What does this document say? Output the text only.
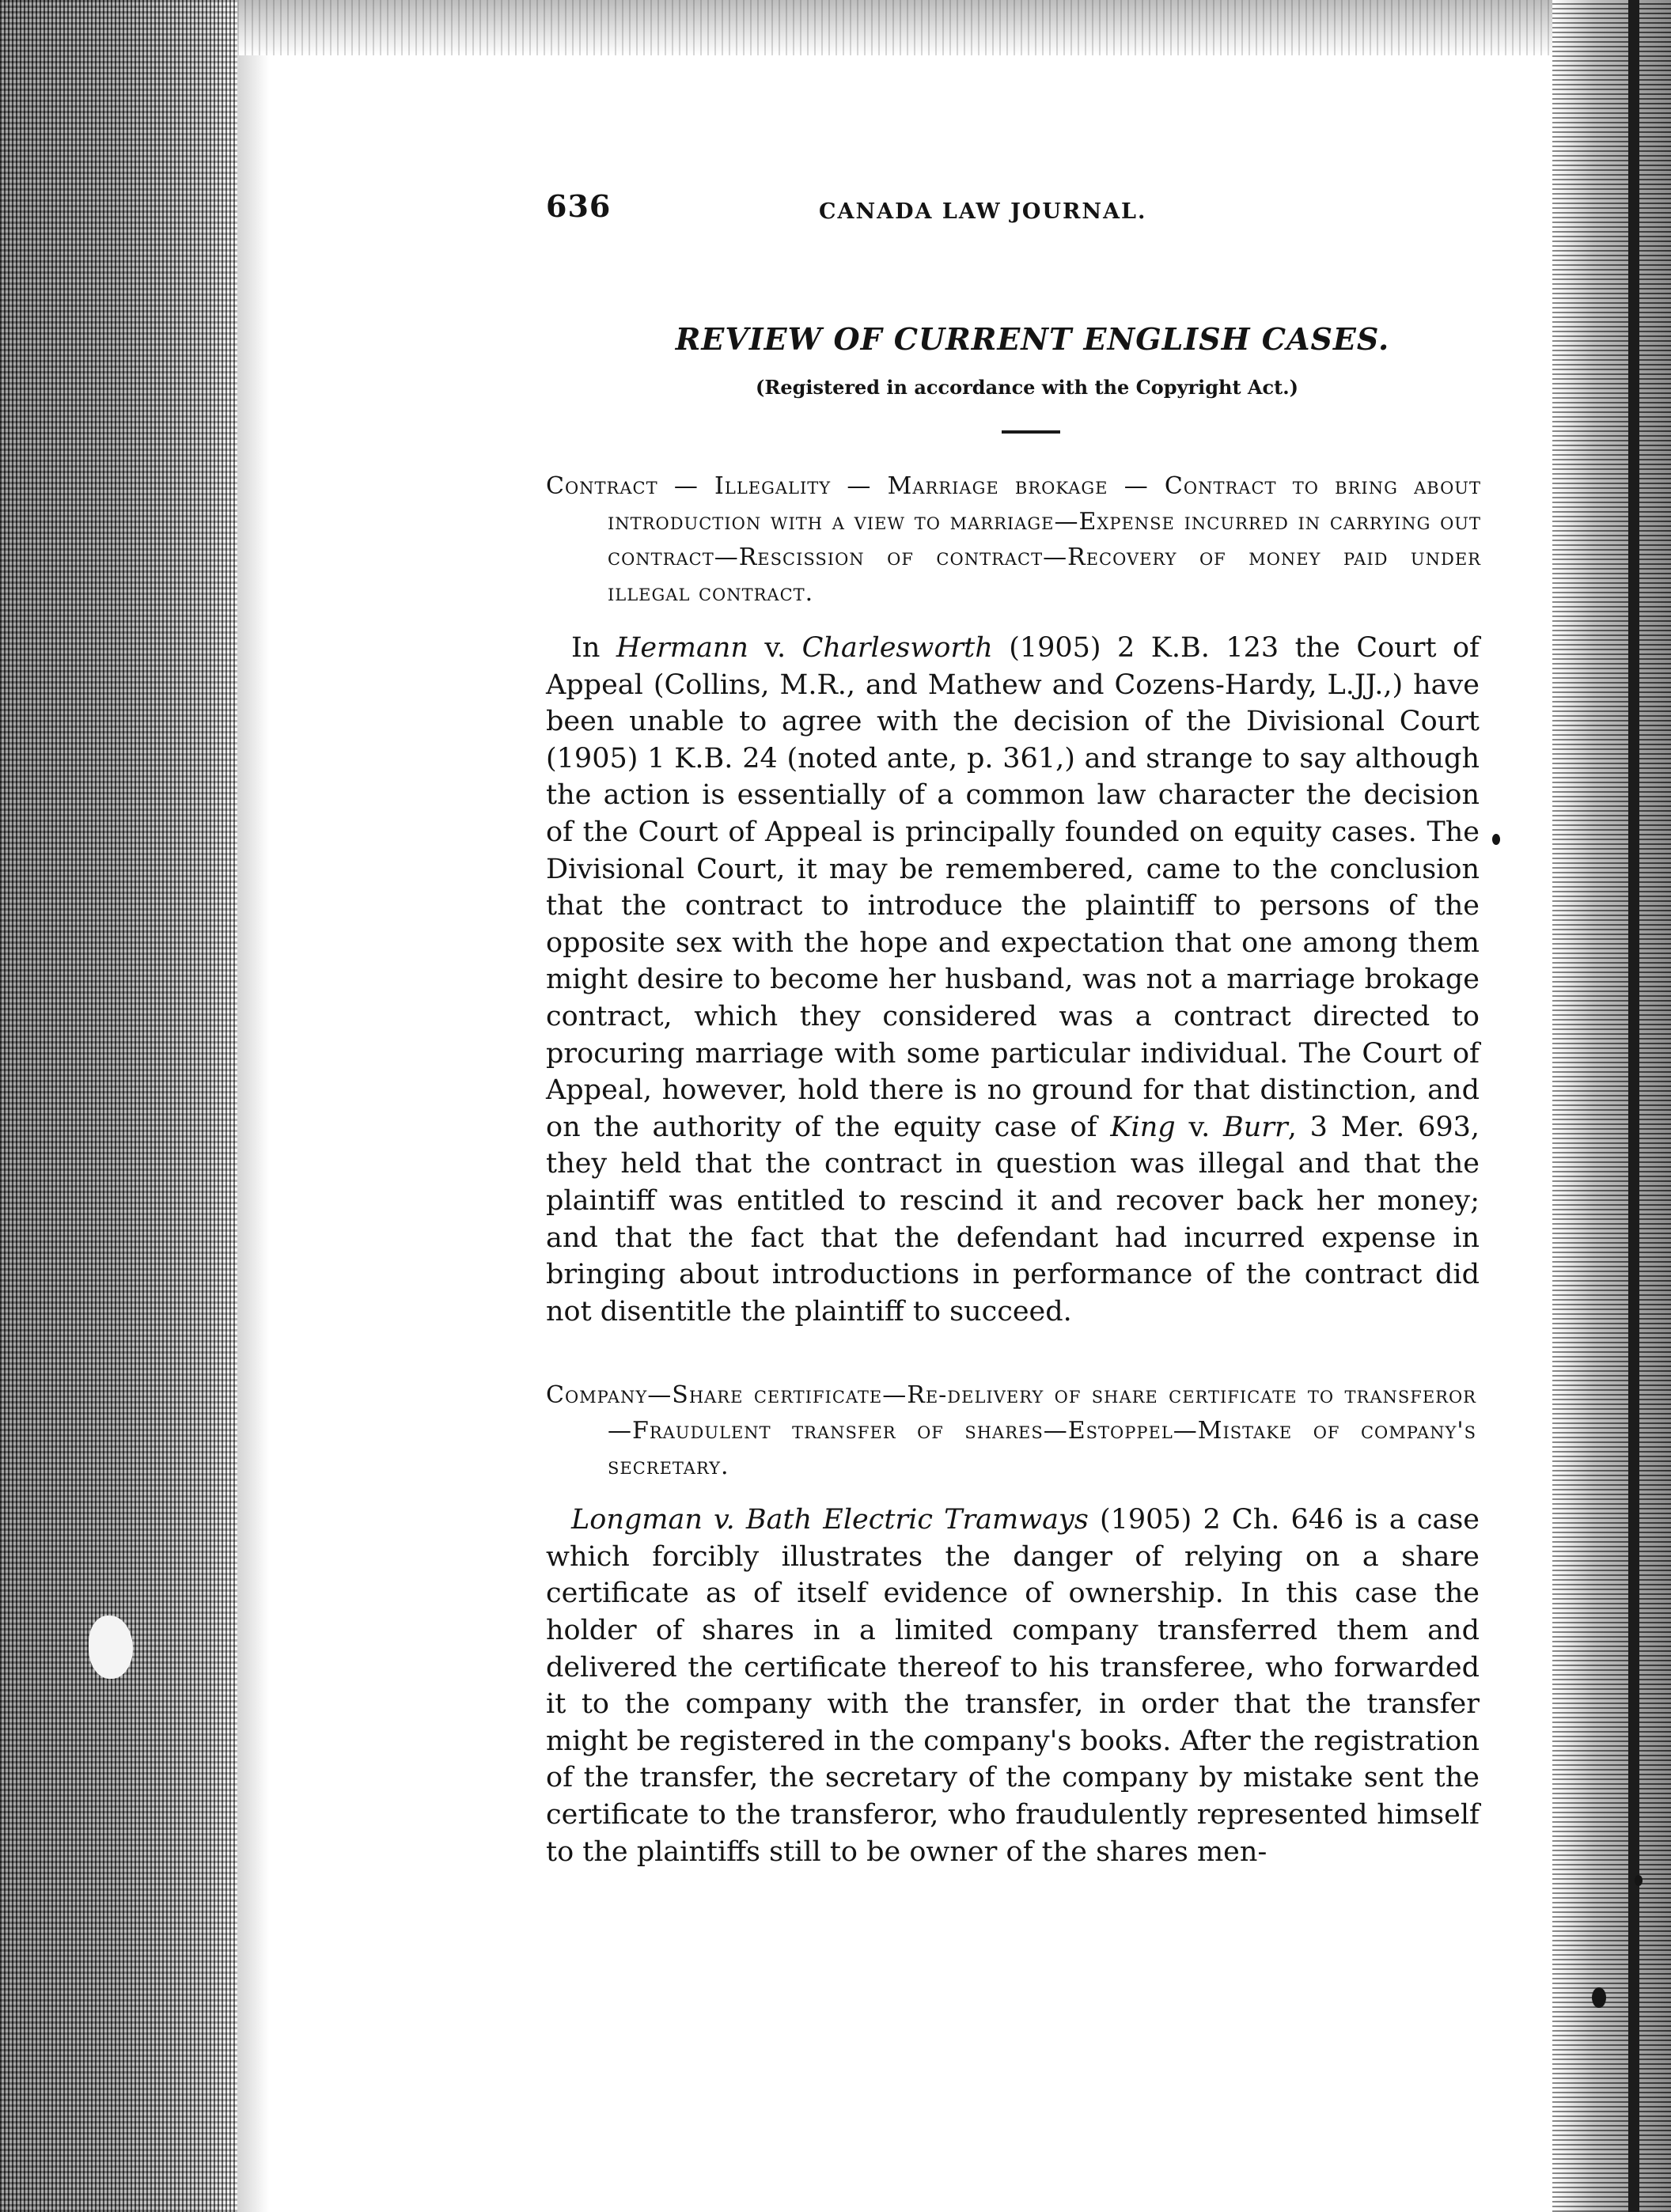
636	CANADA LAW JOURNAL.
REVIEW OF CURRENT ENGLISH CASES.
(Registered in accordance with the Copyright Act.)
Contract — Illegality — Marriage brokage — Contract to bring about introduction with a view to marriage—Expense incurred in carrying out contract—Rescission of contract—Recovery of money paid under illegal contract.

In Hermann v. Charlesworth (1905) 2 K.B. 123 the Court of Appeal (Collins, M.R., and Mathew and Cozens-Hardy, L.JJ.,) have been unable to agree with the decision of the Divisional Court (1905) 1 K.B. 24 (noted ante, p. 361,) and strange to say although the action is essentially of a common law character the decision of the Court of Appeal is principally founded on equity cases. The Divisional Court, it may be remembered, came to the conclusion that the contract to introduce the plaintiff to persons of the opposite sex with the hope and expectation that one among them might desire to become her husband, was not a marriage brokage contract, which they considered was a contract directed to procuring marriage with some particular individual. The Court of Appeal, however, hold there is no ground for that distinction, and on the authority of the equity case of King v. Burr, 3 Mer. 693, they held that the contract in question was illegal and that the plaintiff was entitled to rescind it and recover back her money; and that the fact that the defendant had incurred expense in bringing about introductions in performance of the contract did not disentitle the plaintiff to succeed.

Company—Share certificate—Re-delivery of share certificate to transferor—Fraudulent transfer of shares—Estoppel—Mistake of company's secretary.

Longman v. Bath Electric Tramways (1905) 2 Ch. 646 is a case which forcibly illustrates the danger of relying on a share certificate as of itself evidence of ownership. In this case the holder of shares in a limited company transferred them and delivered the certificate thereof to his transferee, who forwarded it to the company with the transfer, in order that the transfer might be registered in the company's books. After the registration of the transfer, the secretary of the company by mistake sent the certificate to the transferor, who fraudulently represented himself to the plaintiffs still to be owner of the shares men-
